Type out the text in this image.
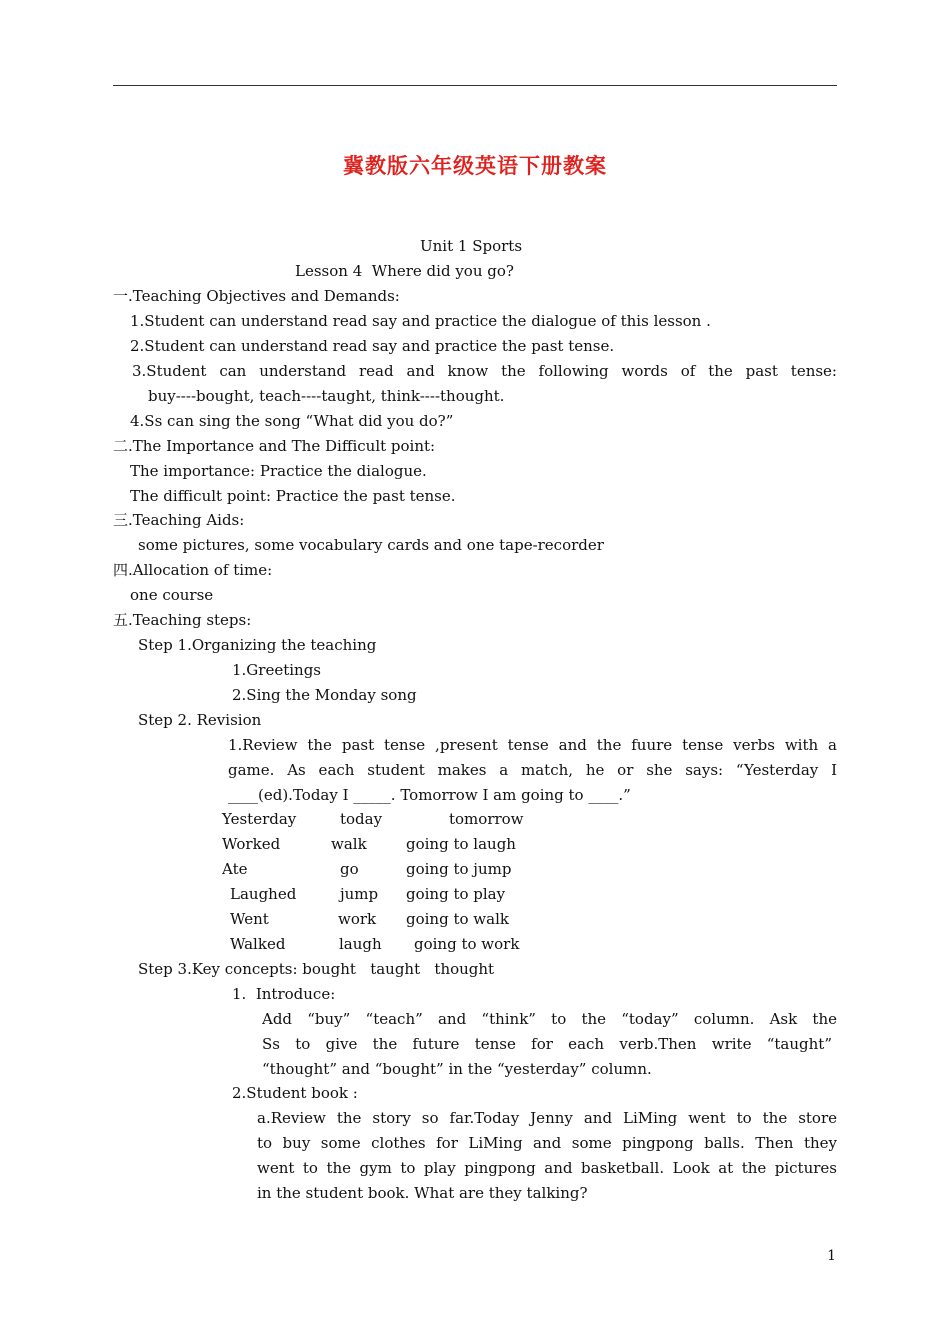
冀教版六年级英语下册教案
Unit 1 Sports
Lesson 4  Where did you go?
一.Teaching Objectives and Demands:
1.Student can understand read say and practice the dialogue of this lesson .
2.Student can understand read say and practice the past tense.
3.Student can understand read and know the following words of the past tense:
buy----bought, teach----taught, think----thought.
4.Ss can sing the song “What did you do?”
二.The Importance and The Difficult point:
The importance: Practice the dialogue.
The difficult point: Practice the past tense.
三.Teaching Aids:
some pictures, some vocabulary cards and one tape-recorder
四.Allocation of time:
one course
五.Teaching steps:
Step 1.Organizing the teaching
1.Greetings
2.Sing the Monday song
Step 2. Revision
1.Review the past tense ,present tense and the fuure tense verbs with a
game. As each student makes a match, he or she says: “Yesterday I
____(ed).Today I _____. Tomorrow I am going to ____.”
Yesterday	today	tomorrow
Worked	walk	going to laugh
Ate	go	going to jump
Laughed	jump going to play
Went	work going to walk
Walked	laugh going to work
Step 3.Key concepts: bought   taught   thought
1.  Introduce:
Add “buy” “teach” and “think” to the “today” column. Ask the
Ss to give the future tense for each verb.Then write “taught”
“thought” and “bought” in the “yesterday” column.
2.Student book :
a.Review the story so far.Today Jenny and LiMing went to the store
to buy some clothes for LiMing and some pingpong balls. Then they
went to the gym to play pingpong and basketball. Look at the pictures
in the student book. What are they talking?
1
